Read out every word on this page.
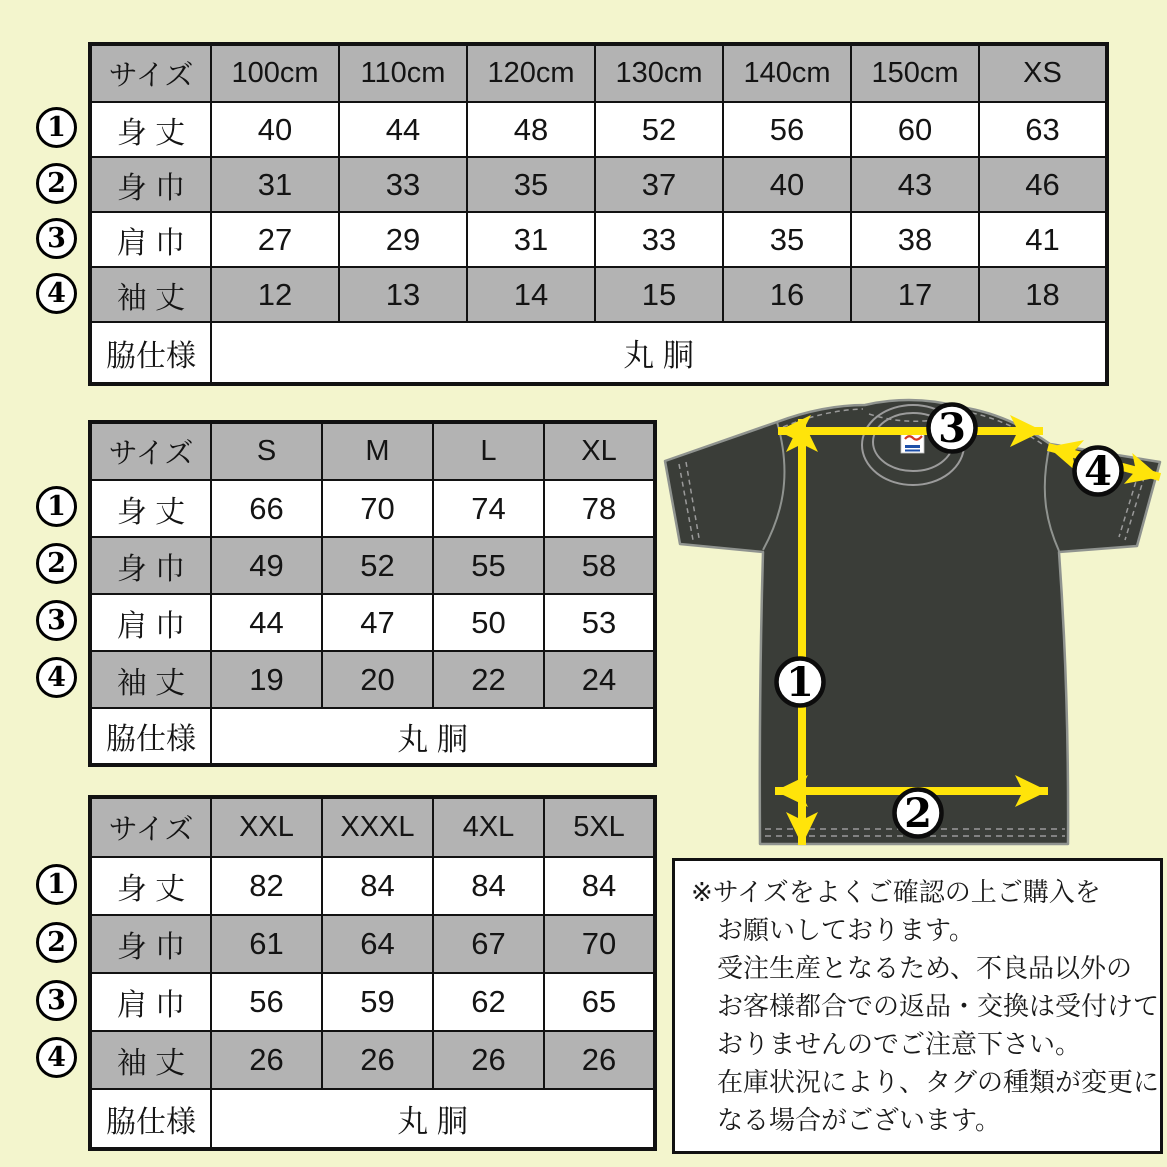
サイズ	100cm	110cm	120cm	130cm	140cm	150cm	XS
身 丈	40	44	48	52	56	60	63
身 巾	31	33	35	37	40	43	46
肩 巾	27	29	31	33	35	38	41
袖 丈	12	13	14	15	16	17	18
脇仕様	丸 胴						
サイズ	S	M	L	XL
身 丈	66	70	74	78
身 巾	49	52	55	58
肩 巾	44	47	50	53
袖 丈	19	20	22	24
脇仕様	丸 胴			
サイズ	XXL	XXXL	4XL	5XL
身 丈	82	84	84	84
身 巾	61	64	67	70
肩 巾	56	59	62	65
袖 丈	26	26	26	26
脇仕様	丸 胴			
1
2
3
4
※サイズをよくご確認の上ご購入を
お願いしております。
受注生産となるため、不良品以外の
お客様都合での返品・交換は受付けて
おりませんのでご注意下さい。
在庫状況により、タグの種類が変更に
なる場合がございます。
1
2
3
4
1
2
3
4
1
2
3
4
